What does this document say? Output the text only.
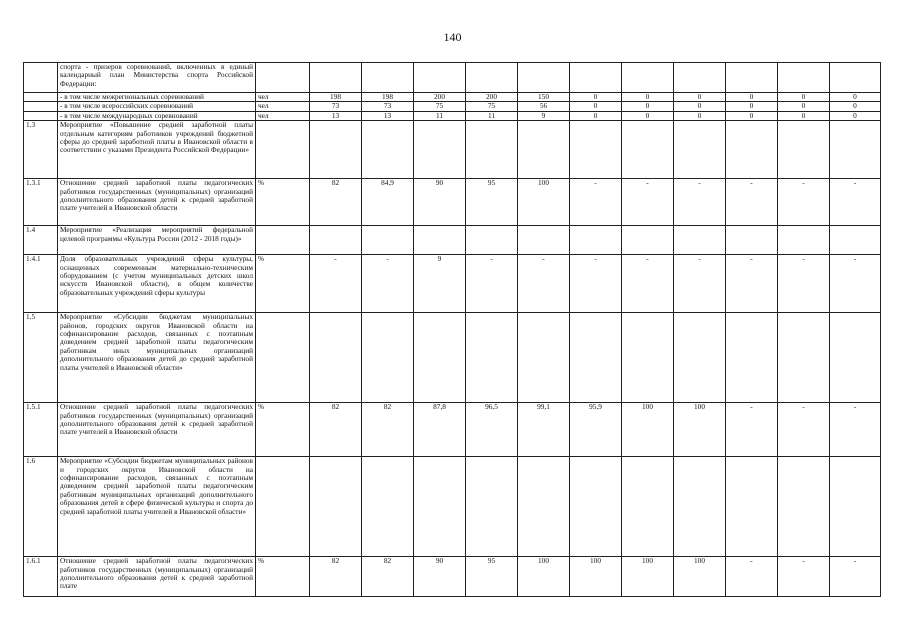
140
	спорта - призеров соревнований, включенных в единый календарный план Министерства спорта Российской Федерации:												
	- в том числе межрегиональных соревнований	чел	198	198	200	200	150	0	0	0	0	0	0
	- в том числе всероссийских соревнований	чел	73	73	75	75	56	0	0	0	0	0	0
	- в том числе международных соревнований	чел	13	13	11	11	9	0	0	0	0	0	0
1.3	Мероприятие «Повышение средней заработной платы отдельным категориям работников учреждений бюджетной сферы до средней заработной платы в Ивановской области в соответствии с указами Президента Российской Федерации»												
1.3.1	Отношение средней заработной платы педагогических работников государственных (муниципальных) организаций дополнительного образования детей к средней заработной плате учителей в Ивановской области	%	82	84,9	90	95	100	-	-	-	-	-	-
1.4	Мероприятие «Реализация мероприятий федеральной целевой программы «Культура России (2012 - 2018 годы)»												
1.4.1	Доля образовательных учреждений сферы культуры, оснащенных современным материально-техническим оборудованием (с учетом муниципальных детских школ искусств Ивановской области), в общем количестве образовательных учреждений сферы культуры	%	-	-	9	-	-	-	-	-	-	-	-
1.5	Мероприятие «Субсидии бюджетам муниципальных районов, городских округов Ивановской области на софинансирование расходов, связанных с поэтапным доведением средней заработной платы педагогическим работникам иных муниципальных организаций дополнительного образования детей до средней заработной платы учителей в Ивановской области»												
1.5.1	Отношение средней заработной платы педагогических работников государственных (муниципальных) организаций дополнительного образования детей к средней заработной плате учителей в Ивановской области	%	82	82	87,8	96,5	99,1	95,9	100	100	-	-	-
1.6	Мероприятие «Субсидии бюджетам муниципальных районов и городских округов Ивановской области на софинансирование расходов, связанных с поэтапным доведением средней заработной платы педагогическим работникам муниципальных организаций дополнительного образования детей в сфере физической культуры и спорта до средней заработной платы учителей в Ивановской области»												
1.6.1	Отношение средней заработной платы педагогических работников государственных (муниципальных) организаций дополнительного образования детей к средней заработной плате	%	82	82	90	95	100	100	100	100	-	-	-
